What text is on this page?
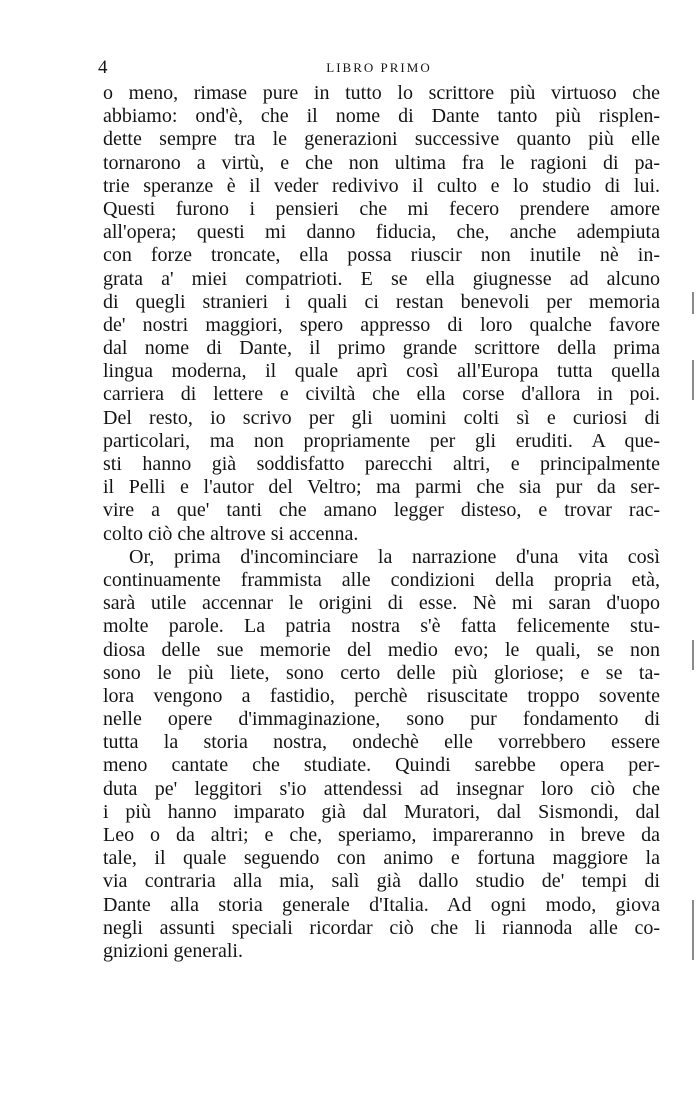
4	LIBRO PRIMO

o meno, rimase pure in tutto lo scrittore più virtuoso che
abbiamo: ond'è, che il nome di Dante tanto più risplen-
dette sempre tra le generazioni successive quanto più elle
tornarono a virtù, e che non ultima fra le ragioni di pa-
trie speranze è il veder redivivo il culto e lo studio di lui.
Questi furono i pensieri che mi fecero prendere amore
all'opera; questi mi danno fiducia, che, anche adempiuta
con forze troncate, ella possa riuscir non inutile nè in-
grata a' miei compatrioti. E se ella giugnesse ad alcuno
di quegli stranieri i quali ci restan benevoli per memoria
de' nostri maggiori, spero appresso di loro qualche favore
dal nome di Dante, il primo grande scrittore della prima
lingua moderna, il quale aprì così all'Europa tutta quella
carriera di lettere e civiltà che ella corse d'allora in poi.
Del resto, io scrivo per gli uomini colti sì e curiosi di
particolari, ma non propriamente per gli eruditi. A que-
sti hanno già soddisfatto parecchi altri, e principalmente
il Pelli e l'autor del Veltro; ma parmi che sia pur da ser-
vire a que' tanti che amano legger disteso, e trovar rac-
colto ciò che altrove si accenna.

Or, prima d'incominciare la narrazione d'una vita così
continuamente frammista alle condizioni della propria età,
sarà utile accennar le origini di esse. Nè mi saran d'uopo
molte parole. La patria nostra s'è fatta felicemente stu-
diosa delle sue memorie del medio evo; le quali, se non
sono le più liete, sono certo delle più gloriose; e se ta-
lora vengono a fastidio, perchè risuscitate troppo sovente
nelle opere d'immaginazione, sono pur fondamento di
tutta la storia nostra, ondechè elle vorrebbero essere
meno cantate che studiate. Quindi sarebbe opera per-
duta pe' leggitori s'io attendessi ad insegnar loro ciò che
i più hanno imparato già dal Muratori, dal Sismondi, dal
Leo o da altri; e che, speriamo, impareranno in breve da
tale, il quale seguendo con animo e fortuna maggiore la
via contraria alla mia, salì già dallo studio de' tempi di
Dante alla storia generale d'Italia. Ad ogni modo, giova
negli assunti speciali ricordar ciò che li riannoda alle co-
gnizioni generali.
